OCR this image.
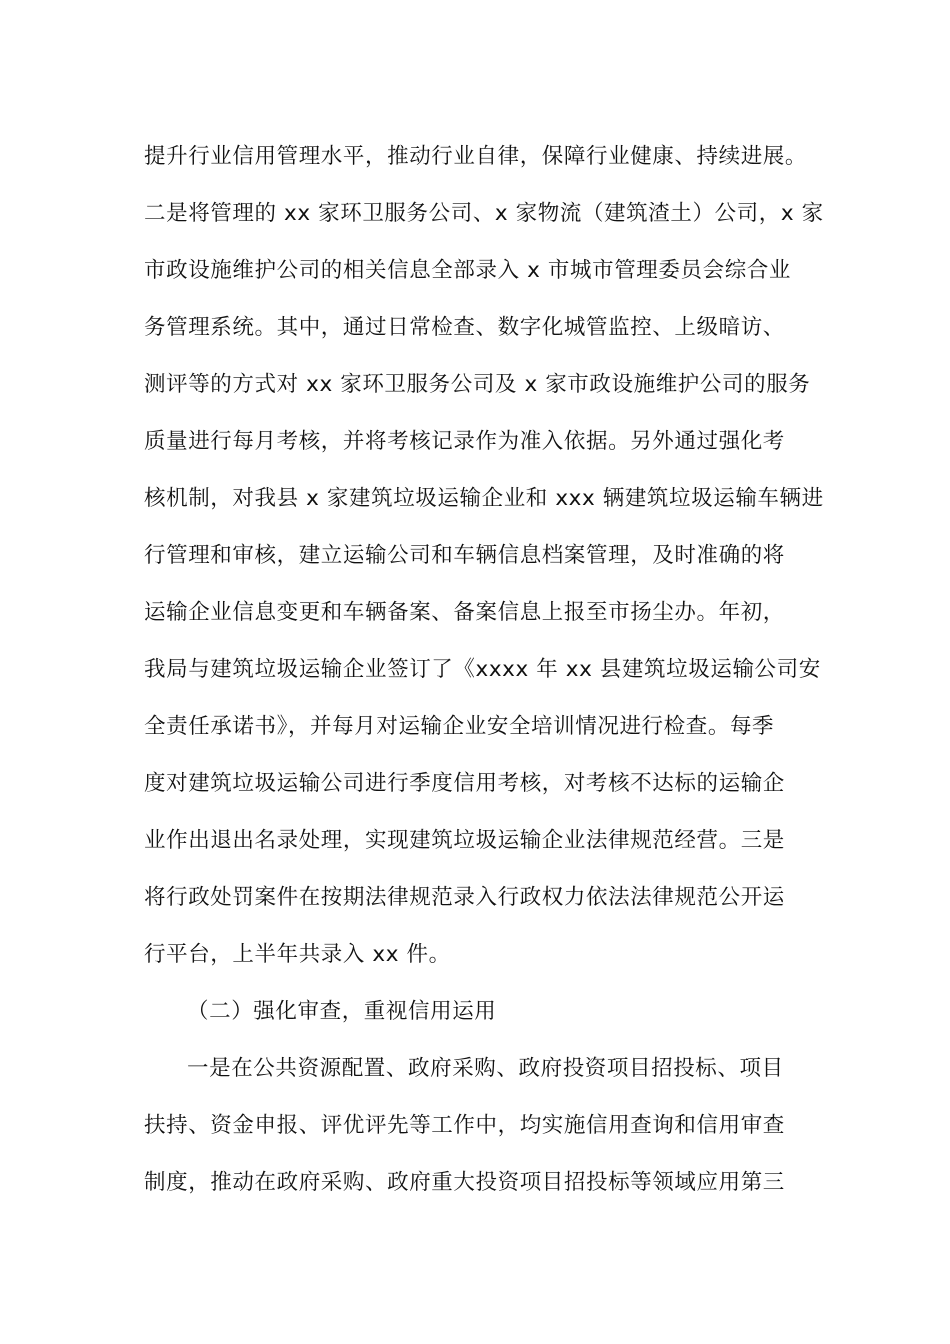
提升行业信用管理水平，推动行业自律，保障行业健康、持续进展。
二是将管理的 xx 家环卫服务公司、x 家物流（建筑渣土）公司，x 家
市政设施维护公司的相关信息全部录入 x 市城市管理委员会综合业
务管理系统。其中，通过日常检查、数字化城管监控、上级暗访、
测评等的方式对 xx 家环卫服务公司及 x 家市政设施维护公司的服务
质量进行每月考核，并将考核记录作为准入依据。另外通过强化考
核机制，对我县 x 家建筑垃圾运输企业和 xxx 辆建筑垃圾运输车辆进
行管理和审核，建立运输公司和车辆信息档案管理，及时准确的将
运输企业信息变更和车辆备案、备案信息上报至市扬尘办。年初，
我局与建筑垃圾运输企业签订了《xxxx 年 xx 县建筑垃圾运输公司安
全责任承诺书》，并每月对运输企业安全培训情况进行检查。每季
度对建筑垃圾运输公司进行季度信用考核，对考核不达标的运输企
业作出退出名录处理，实现建筑垃圾运输企业法律规范经营。三是
将行政处罚案件在按期法律规范录入行政权力依法法律规范公开运
行平台，上半年共录入 xx 件。
（二）强化审查，重视信用运用
一是在公共资源配置、政府采购、政府投资项目招投标、项目
扶持、资金申报、评优评先等工作中，均实施信用查询和信用审查
制度，推动在政府采购、政府重大投资项目招投标等领域应用第三
